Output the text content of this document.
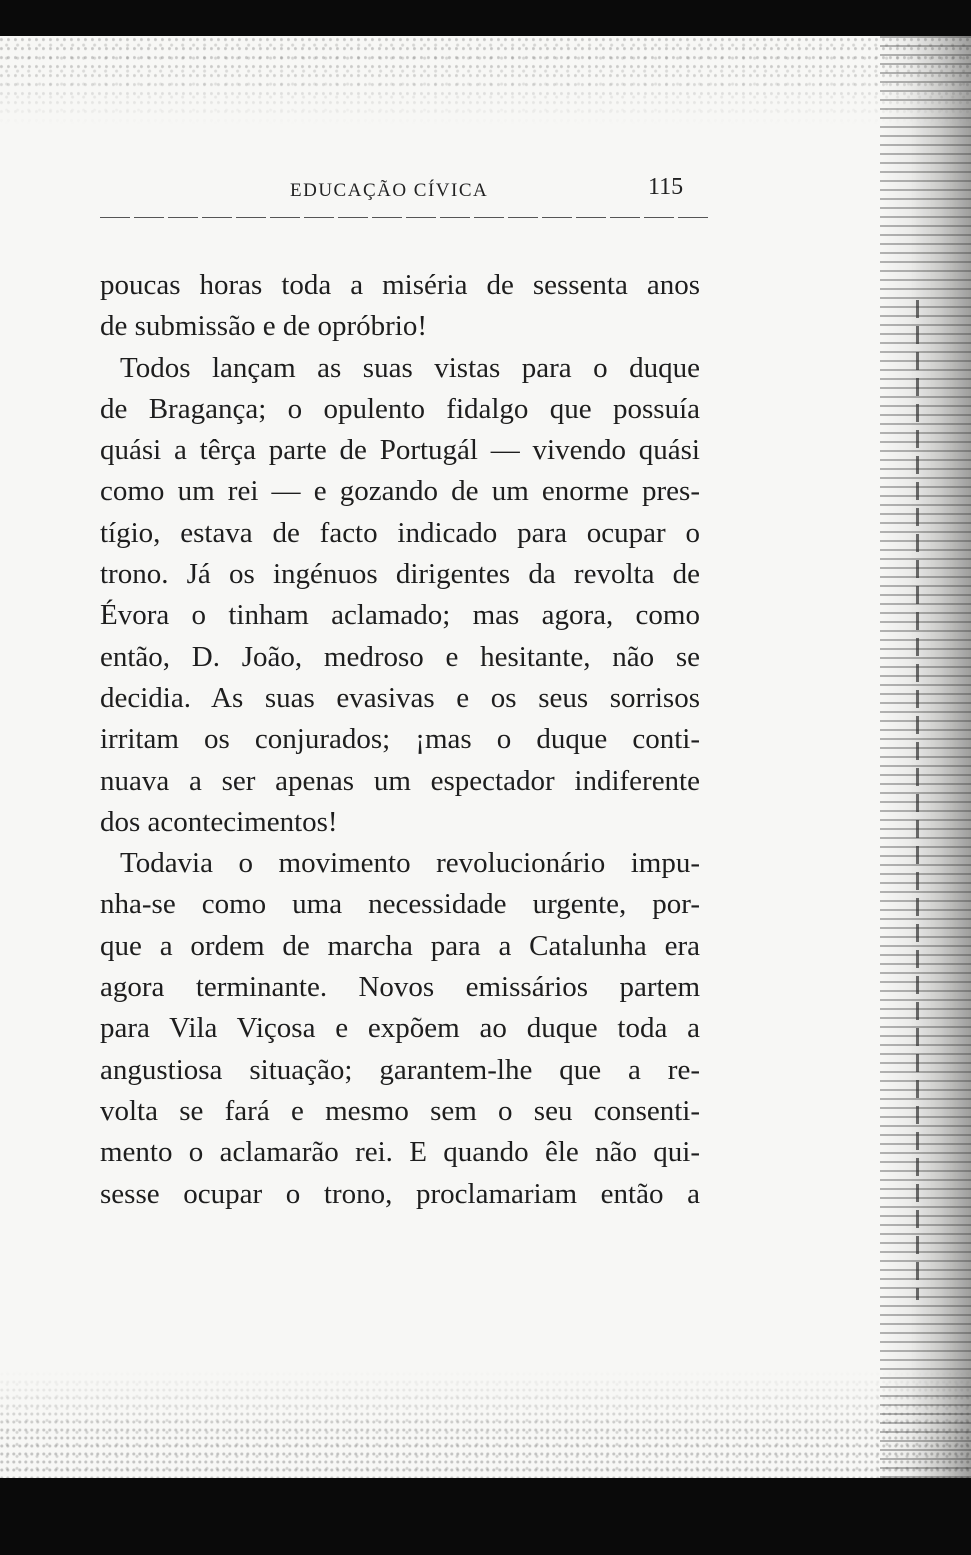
EDUCAÇÃO CÍVICA	115
poucas horas toda a miséria de sessenta anos
de submissão e de opróbrio!
Todos lançam as suas vistas para o duque
de Bragança; o opulento fidalgo que possuía
quási a têrça parte de Portugál — vivendo quási
como um rei — e gozando de um enorme pres-
tígio, estava de facto indicado para ocupar o
trono. Já os ingénuos dirigentes da revolta de
Évora o tinham aclamado; mas agora, como
então, D. João, medroso e hesitante, não se
decidia. As suas evasivas e os seus sorrisos
irritam os conjurados; ¡mas o duque conti-
nuava a ser apenas um espectador indiferente
dos acontecimentos!
Todavia o movimento revolucionário impu-
nha-se como uma necessidade urgente, por-
que a ordem de marcha para a Catalunha era
agora terminante. Novos emissários partem
para Vila Viçosa e expõem ao duque toda a
angustiosa situação; garantem-lhe que a re-
volta se fará e mesmo sem o seu consenti-
mento o aclamarão rei. E quando êle não qui-
sesse ocupar o trono, proclamariam então a
